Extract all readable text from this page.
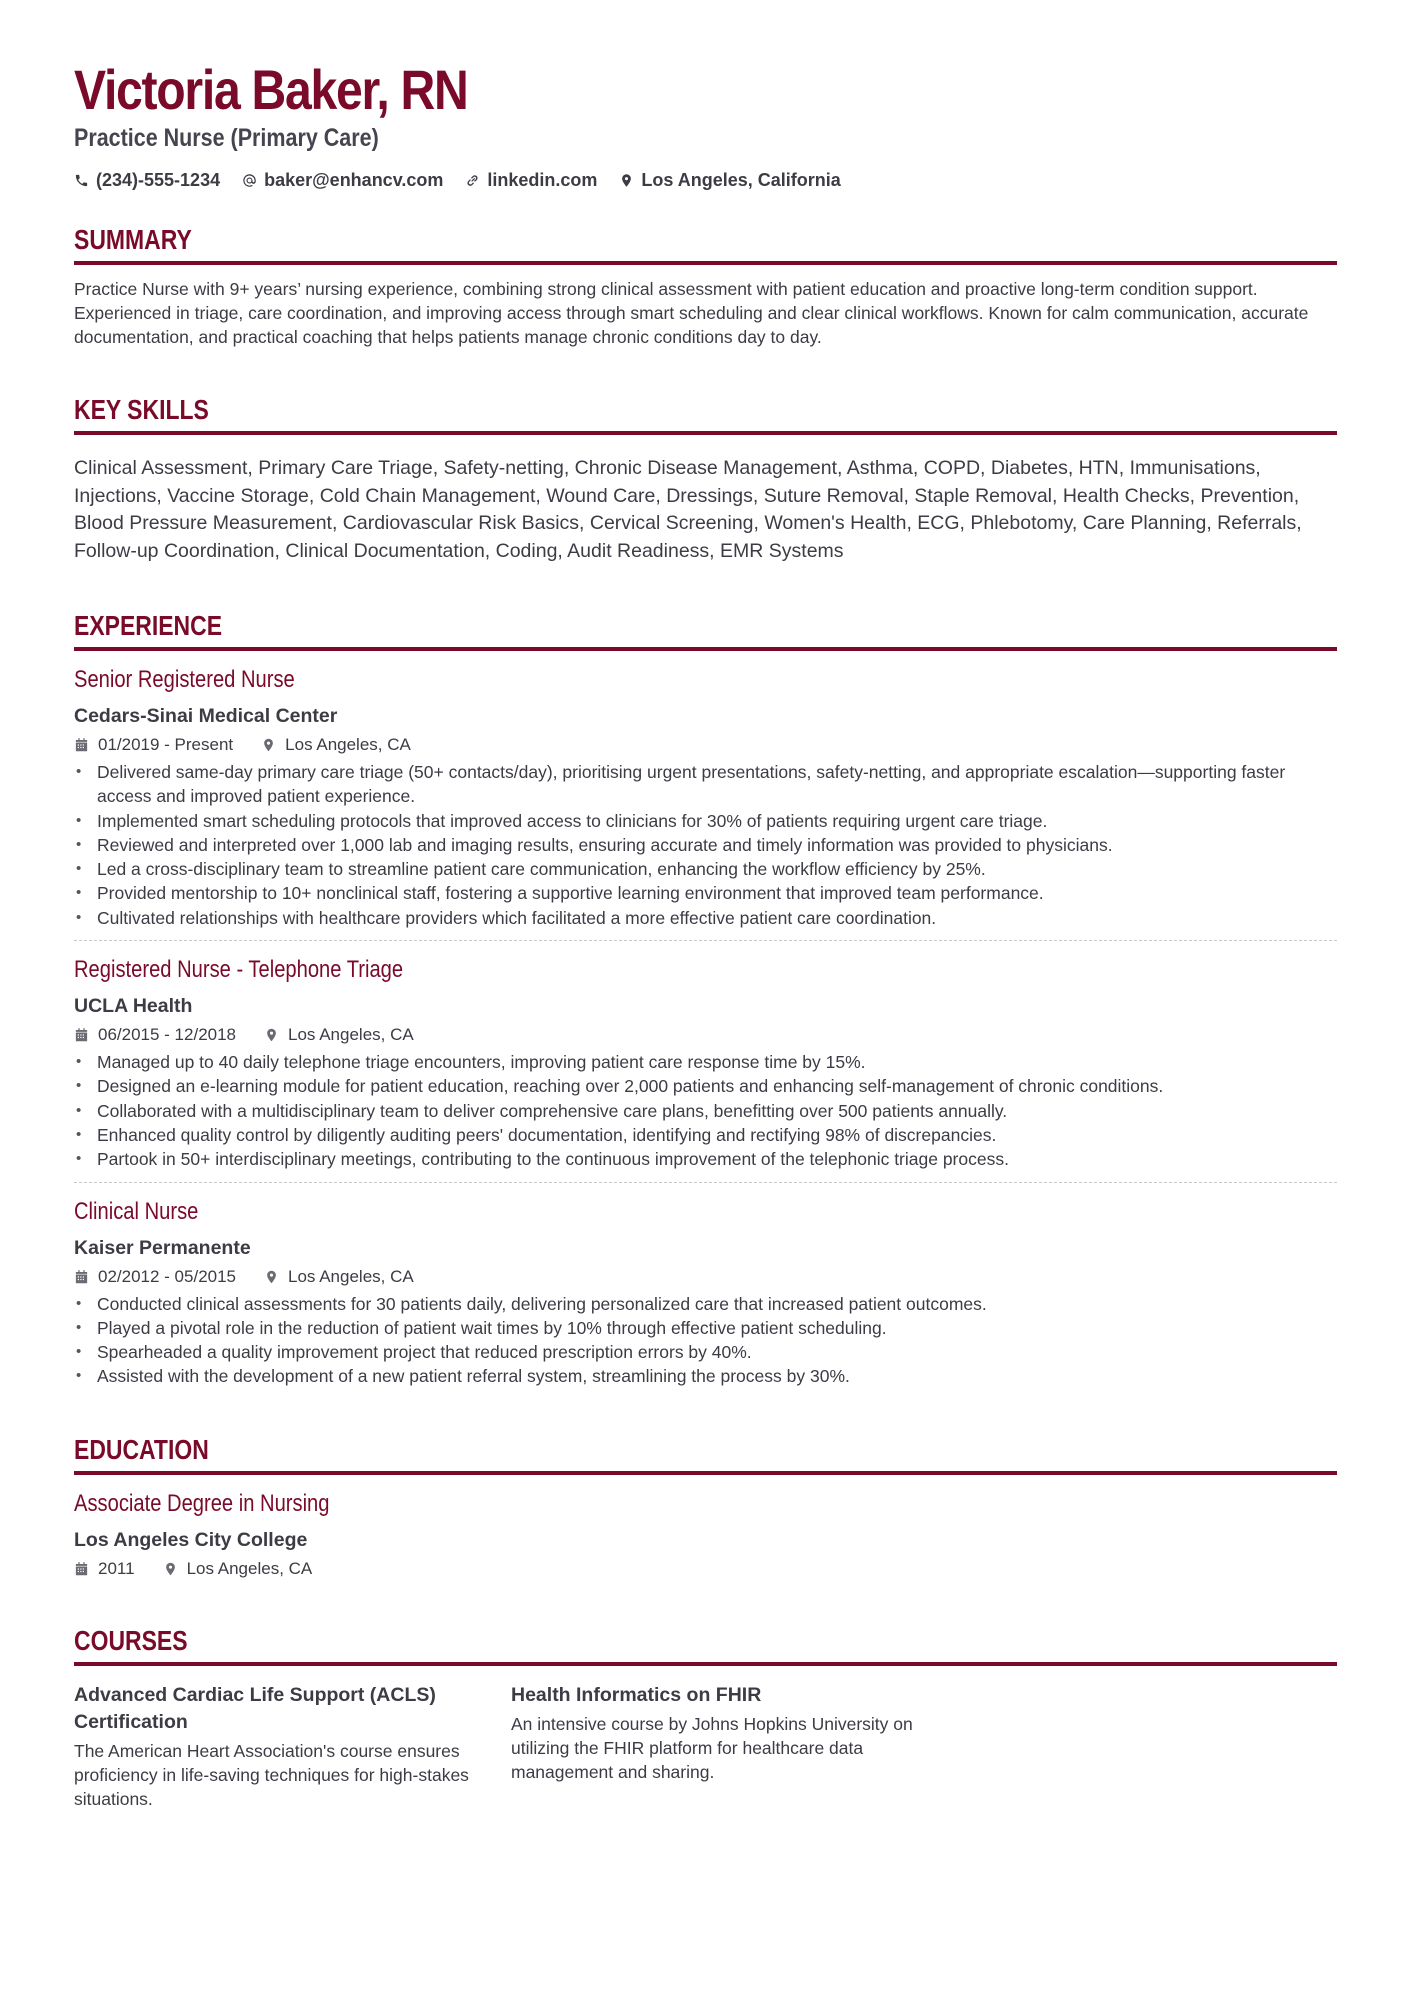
Victoria Baker, RN
Practice Nurse (Primary Care)
(234)-555-1234 baker@enhancv.com linkedin.com Los Angeles, California
SUMMARY
Practice Nurse with 9+ years’ nursing experience, combining strong clinical assessment with patient education and proactive long-term condition support. Experienced in triage, care coordination, and improving access through smart scheduling and clear clinical workflows. Known for calm communication, accurate documentation, and practical coaching that helps patients manage chronic conditions day to day.
KEY SKILLS
Clinical Assessment, Primary Care Triage, Safety-netting, Chronic Disease Management, Asthma, COPD, Diabetes, HTN, Immunisations, Injections, Vaccine Storage, Cold Chain Management, Wound Care, Dressings, Suture Removal, Staple Removal, Health Checks, Prevention, Blood Pressure Measurement, Cardiovascular Risk Basics, Cervical Screening, Women's Health, ECG, Phlebotomy, Care Planning, Referrals, Follow-up Coordination, Clinical Documentation, Coding, Audit Readiness, EMR Systems
EXPERIENCE
Senior Registered Nurse
Cedars-Sinai Medical Center
01/2019 - Present	Los Angeles, CA
• Delivered same-day primary care triage (50+ contacts/day), prioritising urgent presentations, safety-netting, and appropriate escalation—supporting faster access and improved patient experience.
• Implemented smart scheduling protocols that improved access to clinicians for 30% of patients requiring urgent care triage.
• Reviewed and interpreted over 1,000 lab and imaging results, ensuring accurate and timely information was provided to physicians.
• Led a cross-disciplinary team to streamline patient care communication, enhancing the workflow efficiency by 25%.
• Provided mentorship to 10+ nonclinical staff, fostering a supportive learning environment that improved team performance.
• Cultivated relationships with healthcare providers which facilitated a more effective patient care coordination.
Registered Nurse - Telephone Triage
UCLA Health
06/2015 - 12/2018	Los Angeles, CA
• Managed up to 40 daily telephone triage encounters, improving patient care response time by 15%.
• Designed an e-learning module for patient education, reaching over 2,000 patients and enhancing self-management of chronic conditions.
• Collaborated with a multidisciplinary team to deliver comprehensive care plans, benefitting over 500 patients annually.
• Enhanced quality control by diligently auditing peers' documentation, identifying and rectifying 98% of discrepancies.
• Partook in 50+ interdisciplinary meetings, contributing to the continuous improvement of the telephonic triage process.
Clinical Nurse
Kaiser Permanente
02/2012 - 05/2015	Los Angeles, CA
• Conducted clinical assessments for 30 patients daily, delivering personalized care that increased patient outcomes.
• Played a pivotal role in the reduction of patient wait times by 10% through effective patient scheduling.
• Spearheaded a quality improvement project that reduced prescription errors by 40%.
• Assisted with the development of a new patient referral system, streamlining the process by 30%.
EDUCATION
Associate Degree in Nursing
Los Angeles City College
2011	Los Angeles, CA
COURSES
Advanced Cardiac Life Support (ACLS) Certification
The American Heart Association's course ensures proficiency in life-saving techniques for high-stakes situations.
Health Informatics on FHIR
An intensive course by Johns Hopkins University on utilizing the FHIR platform for healthcare data management and sharing.
